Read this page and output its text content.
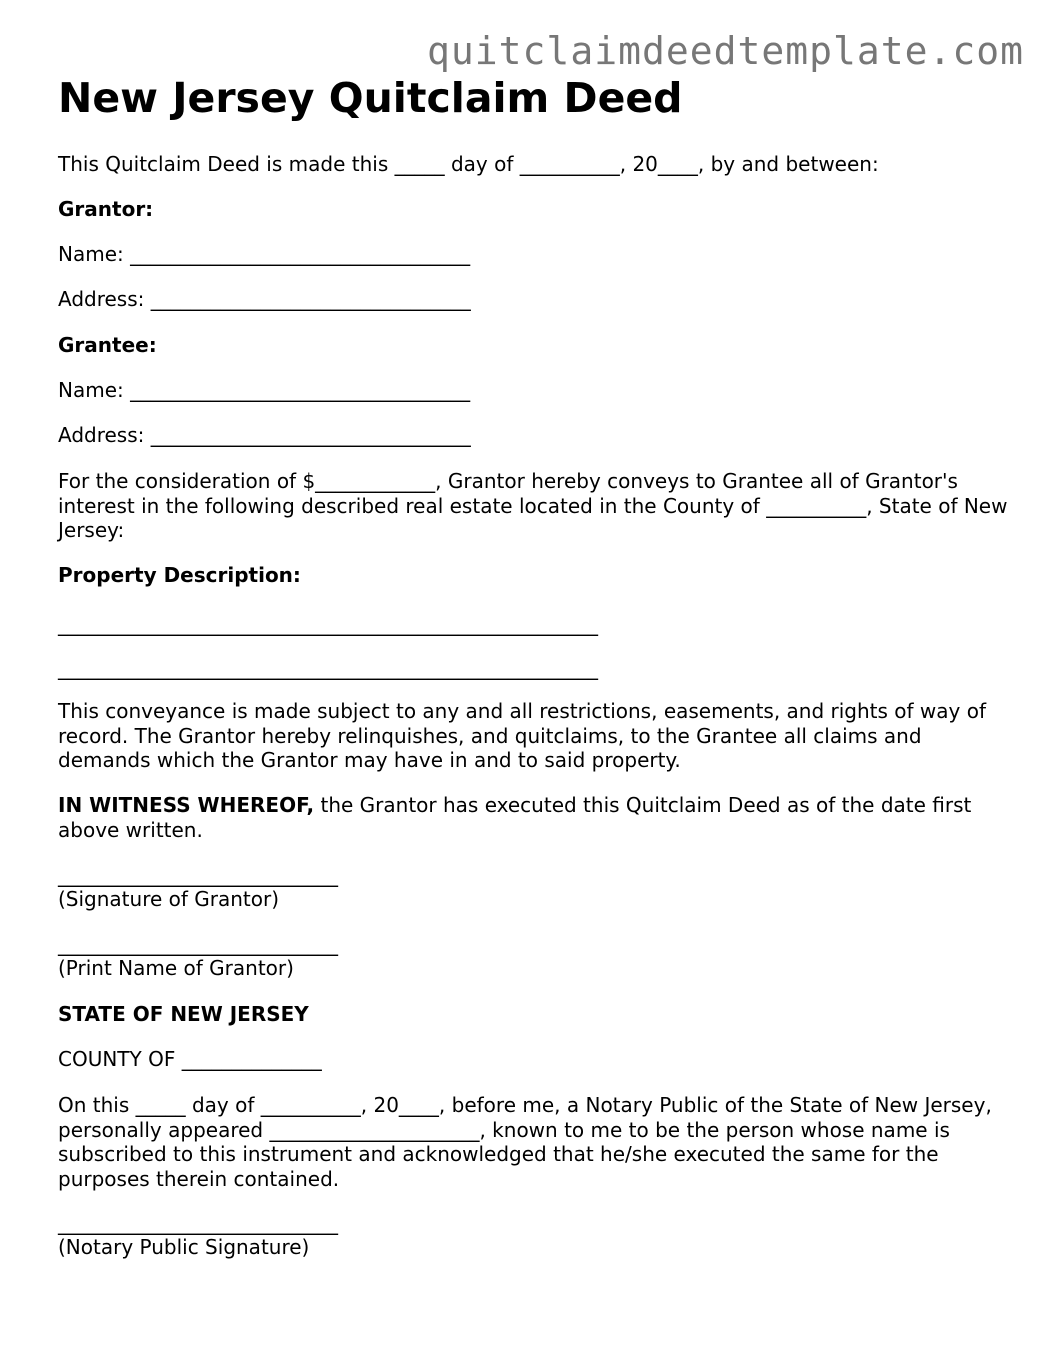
quitclaimdeedtemplate.com
New Jersey Quitclaim Deed

This Quitclaim Deed is made this _____ day of __________, 20____, by and between:

Grantor:

Name: __________________________________

Address: ________________________________

Grantee:

Name: __________________________________

Address: ________________________________

For the consideration of $____________, Grantor hereby conveys to Grantee all of Grantor's interest in the following described real estate located in the County of __________, State of New Jersey:

Property Description:

______________________________________________________

______________________________________________________

This conveyance is made subject to any and all restrictions, easements, and rights of way of record. The Grantor hereby relinquishes, and quitclaims, to the Grantee all claims and demands which the Grantor may have in and to said property.

IN WITNESS WHEREOF, the Grantor has executed this Quitclaim Deed as of the date first above written.

____________________________

(Signature of Grantor)

____________________________

(Print Name of Grantor)

STATE OF NEW JERSEY

COUNTY OF ______________

On this _____ day of __________, 20____, before me, a Notary Public of the State of New Jersey, personally appeared _____________________, known to me to be the person whose name is subscribed to this instrument and acknowledged that he/she executed the same for the purposes therein contained.

____________________________

(Notary Public Signature)
